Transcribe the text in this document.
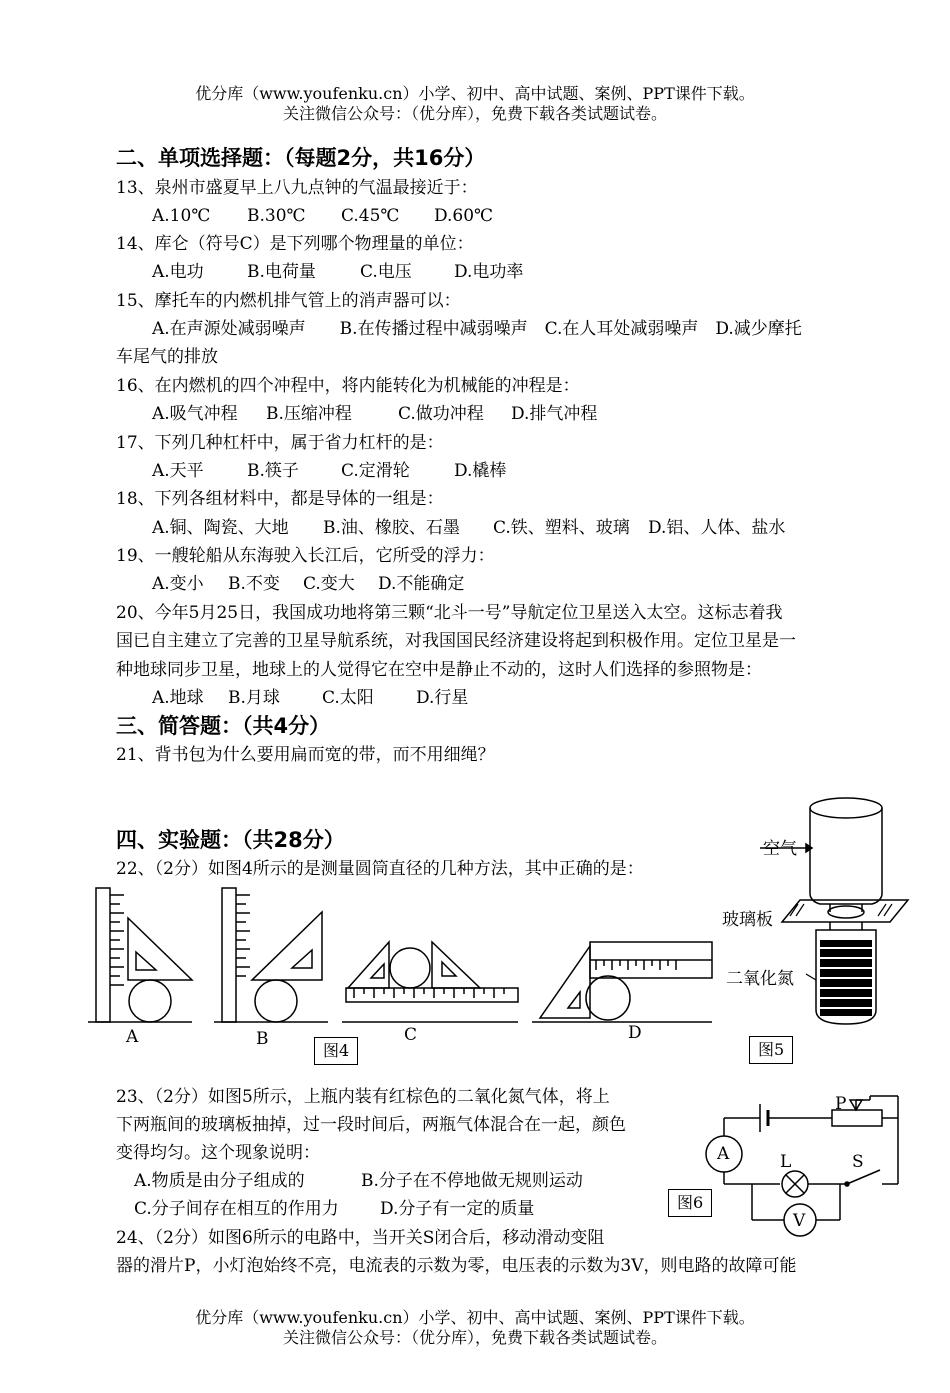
优分库（www.youfenku.cn）小学、初中、高中试题、案例、PPT课件下载。
关注微信公众号：（优分库），免费下载各类试题试卷。
二、单项选择题：（每题2分，共16分）
13、泉州市盛夏早上八九点钟的气温最接近于：
A.10℃ B.30℃ C.45℃ D.60℃
14、库仑（符号C）是下列哪个物理量的单位：
A.电功	B.电荷量	C.电压 D.电功率
15、摩托车的内燃机排气管上的消声器可以：
A.在声源处减弱噪声　　B.在传播过程中减弱噪声　C.在人耳处减弱噪声　D.减少摩托
车尾气的排放
16、在内燃机的四个冲程中，将内能转化为机械能的冲程是：
A.吸气冲程 B.压缩冲程	C.做功冲程 D.排气冲程
17、下列几种杠杆中，属于省力杠杆的是：
A.天平	B.筷子 C.定滑轮	D.橇棒
18、下列各组材料中，都是导体的一组是：
A.铜、陶瓷、大地 B.油、橡胶、石墨 C.铁、塑料、玻璃 D.铝、人体、盐水
19、一艘轮船从东海驶入长江后，它所受的浮力：
A.变小 B.不变 C.变大 D.不能确定
20、今年5月25日，我国成功地将第三颗“北斗一号”导航定位卫星送入太空。这标志着我
国已自主建立了完善的卫星导航系统，对我国国民经济建设将起到积极作用。定位卫星是一
种地球同步卫星，地球上的人觉得它在空中是静止不动的，这时人们选择的参照物是：
A.地球 B.月球 C.太阳 D.行星
三、简答题：（共4分）
21、背书包为什么要用扁而宽的带，而不用细绳？
四、实验题：（共28分）
22、（2分）如图4所示的是测量圆筒直径的几种方法，其中正确的是：
A	B	C	D
图4
空气
玻璃板
二氧化氮
图5
23、（2分）如图5所示，上瓶内装有红棕色的二氧化氮气体，将上
下两瓶间的玻璃板抽掉，过一段时间后，两瓶气体混合在一起，颜色
变得均匀。这个现象说明：
A.物质是由分子组成的	B.分子在不停地做无规则运动
C.分子间存在相互的作用力 D.分子有一定的质量
A
V
L	S
P
图6
24、（2分）如图6所示的电路中，当开关S闭合后，移动滑动变阻
器的滑片P，小灯泡始终不亮，电流表的示数为零，电压表的示数为3V，则电路的故障可能
优分库（www.youfenku.cn）小学、初中、高中试题、案例、PPT课件下载。
关注微信公众号：（优分库），免费下载各类试题试卷。
